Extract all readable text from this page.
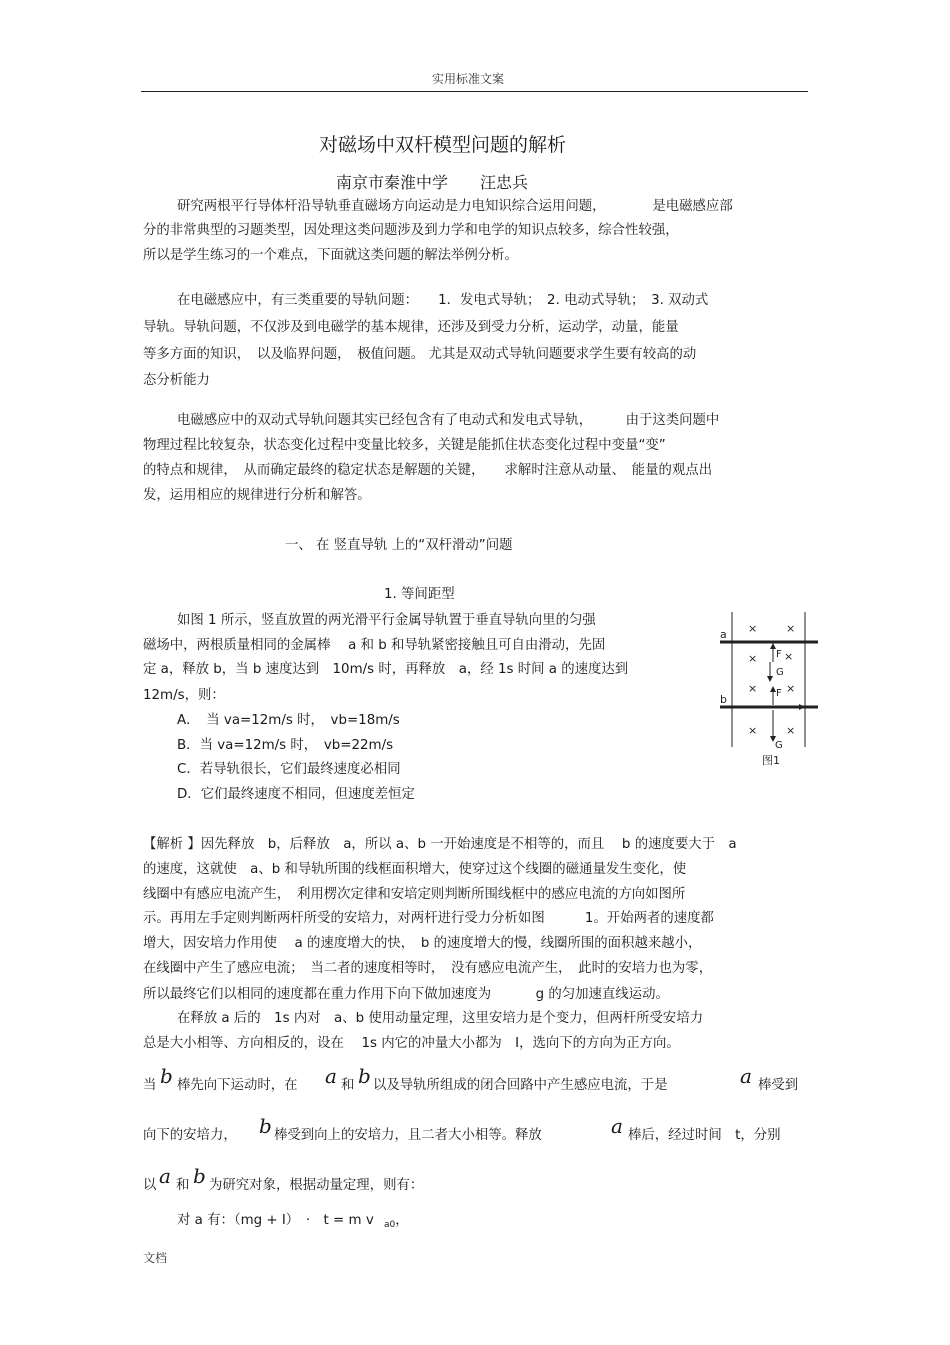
实用标准文案
对磁场中双杆模型问题的解析
南京市秦淮中学　　汪忠兵
研究两根平行导体杆沿导轨垂直磁场方向运动是力电知识综合运用问题，　　　　是电磁感应部
分的非常典型的习题类型，因处理这类问题涉及到力学和电学的知识点较多，综合性较强，
所以是学生练习的一个难点，下面就这类问题的解法举例分析。
在电磁感应中，有三类重要的导轨问题：　　1．发电式导轨；　2. 电动式导轨；　3. 双动式
导轨。导轨问题，不仅涉及到电磁学的基本规律，还涉及到受力分析，运动学，动量，能量
等多方面的知识，　以及临界问题，　极值问题。 尤其是双动式导轨问题要求学生要有较高的动
态分析能力
电磁感应中的双动式导轨问题其实已经包含有了电动式和发电式导轨，　　　由于这类问题中
物理过程比较复杂，状态变化过程中变量比较多，关键是能抓住状态变化过程中变量“变”
的特点和规律，　从而确定最终的稳定状态是解题的关键，　　求解时注意从动量、　能量的观点出
发，运用相应的规律进行分析和解答。
一、 在 竖直导轨 上的“双杆滑动”问题
1. 等间距型
如图 1 所示，竖直放置的两光滑平行金属导轨置于垂直导轨向里的匀强
磁场中，两根质量相同的金属棒　 a 和 b 和导轨紧密接触且可自由滑动，先固
定 a，释放 b，当 b 速度达到　10m/s 时，再释放　a，经 1s 时间 a 的速度达到
12m/s，则：
A．　当 va=12m/s 时，　vb=18m/s
B．当 va=12m/s 时，　vb=22m/s
C．若导轨很长，它们最终速度必相同
D．它们最终速度不相同，但速度差恒定
a
b
×	×
× ×
×	×
×	×
F
G
F
G
图1
【解析 】因先释放　b，后释放　a，所以 a、b 一开始速度是不相等的，而且　 b 的速度要大于　a
的速度，这就使　a、b 和导轨所围的线框面积增大，使穿过这个线圈的磁通量发生变化，使
线圈中有感应电流产生，　利用楞次定律和安培定则判断所围线框中的感应电流的方向如图所
示。再用左手定则判断两杆所受的安培力，对两杆进行受力分析如图　　　1。开始两者的速度都
增大，因安培力作用使　 a 的速度增大的快，　b 的速度增大的慢，线圈所围的面积越来越小，
在线圈中产生了感应电流；　当二者的速度相等时，　没有感应电流产生，　此时的安培力也为零，
所以最终它们以相同的速度都在重力作用下向下做加速度为　　　 g 的匀加速直线运动。
在释放 a 后的　1s 内对　a、b 使用动量定理，这里安培力是个变力，但两杆所受安培力
总是大小相等、方向相反的，设在　 1s 内它的冲量大小都为　I，选向下的方向为正方向。
当 b 棒先向下运动时，在 a 和 b 以及导轨所组成的闭合回路中产生感应电流，于是	a 棒受到
向下的安培力， b 棒受到向上的安培力，且二者大小相等。释放	a 棒后，经过时间　t，分别
以 a 和 b 为研究对象，根据动量定理，则有：
对 a 有：（mg + I）　·　t = m v $_{a0}$，
文档
